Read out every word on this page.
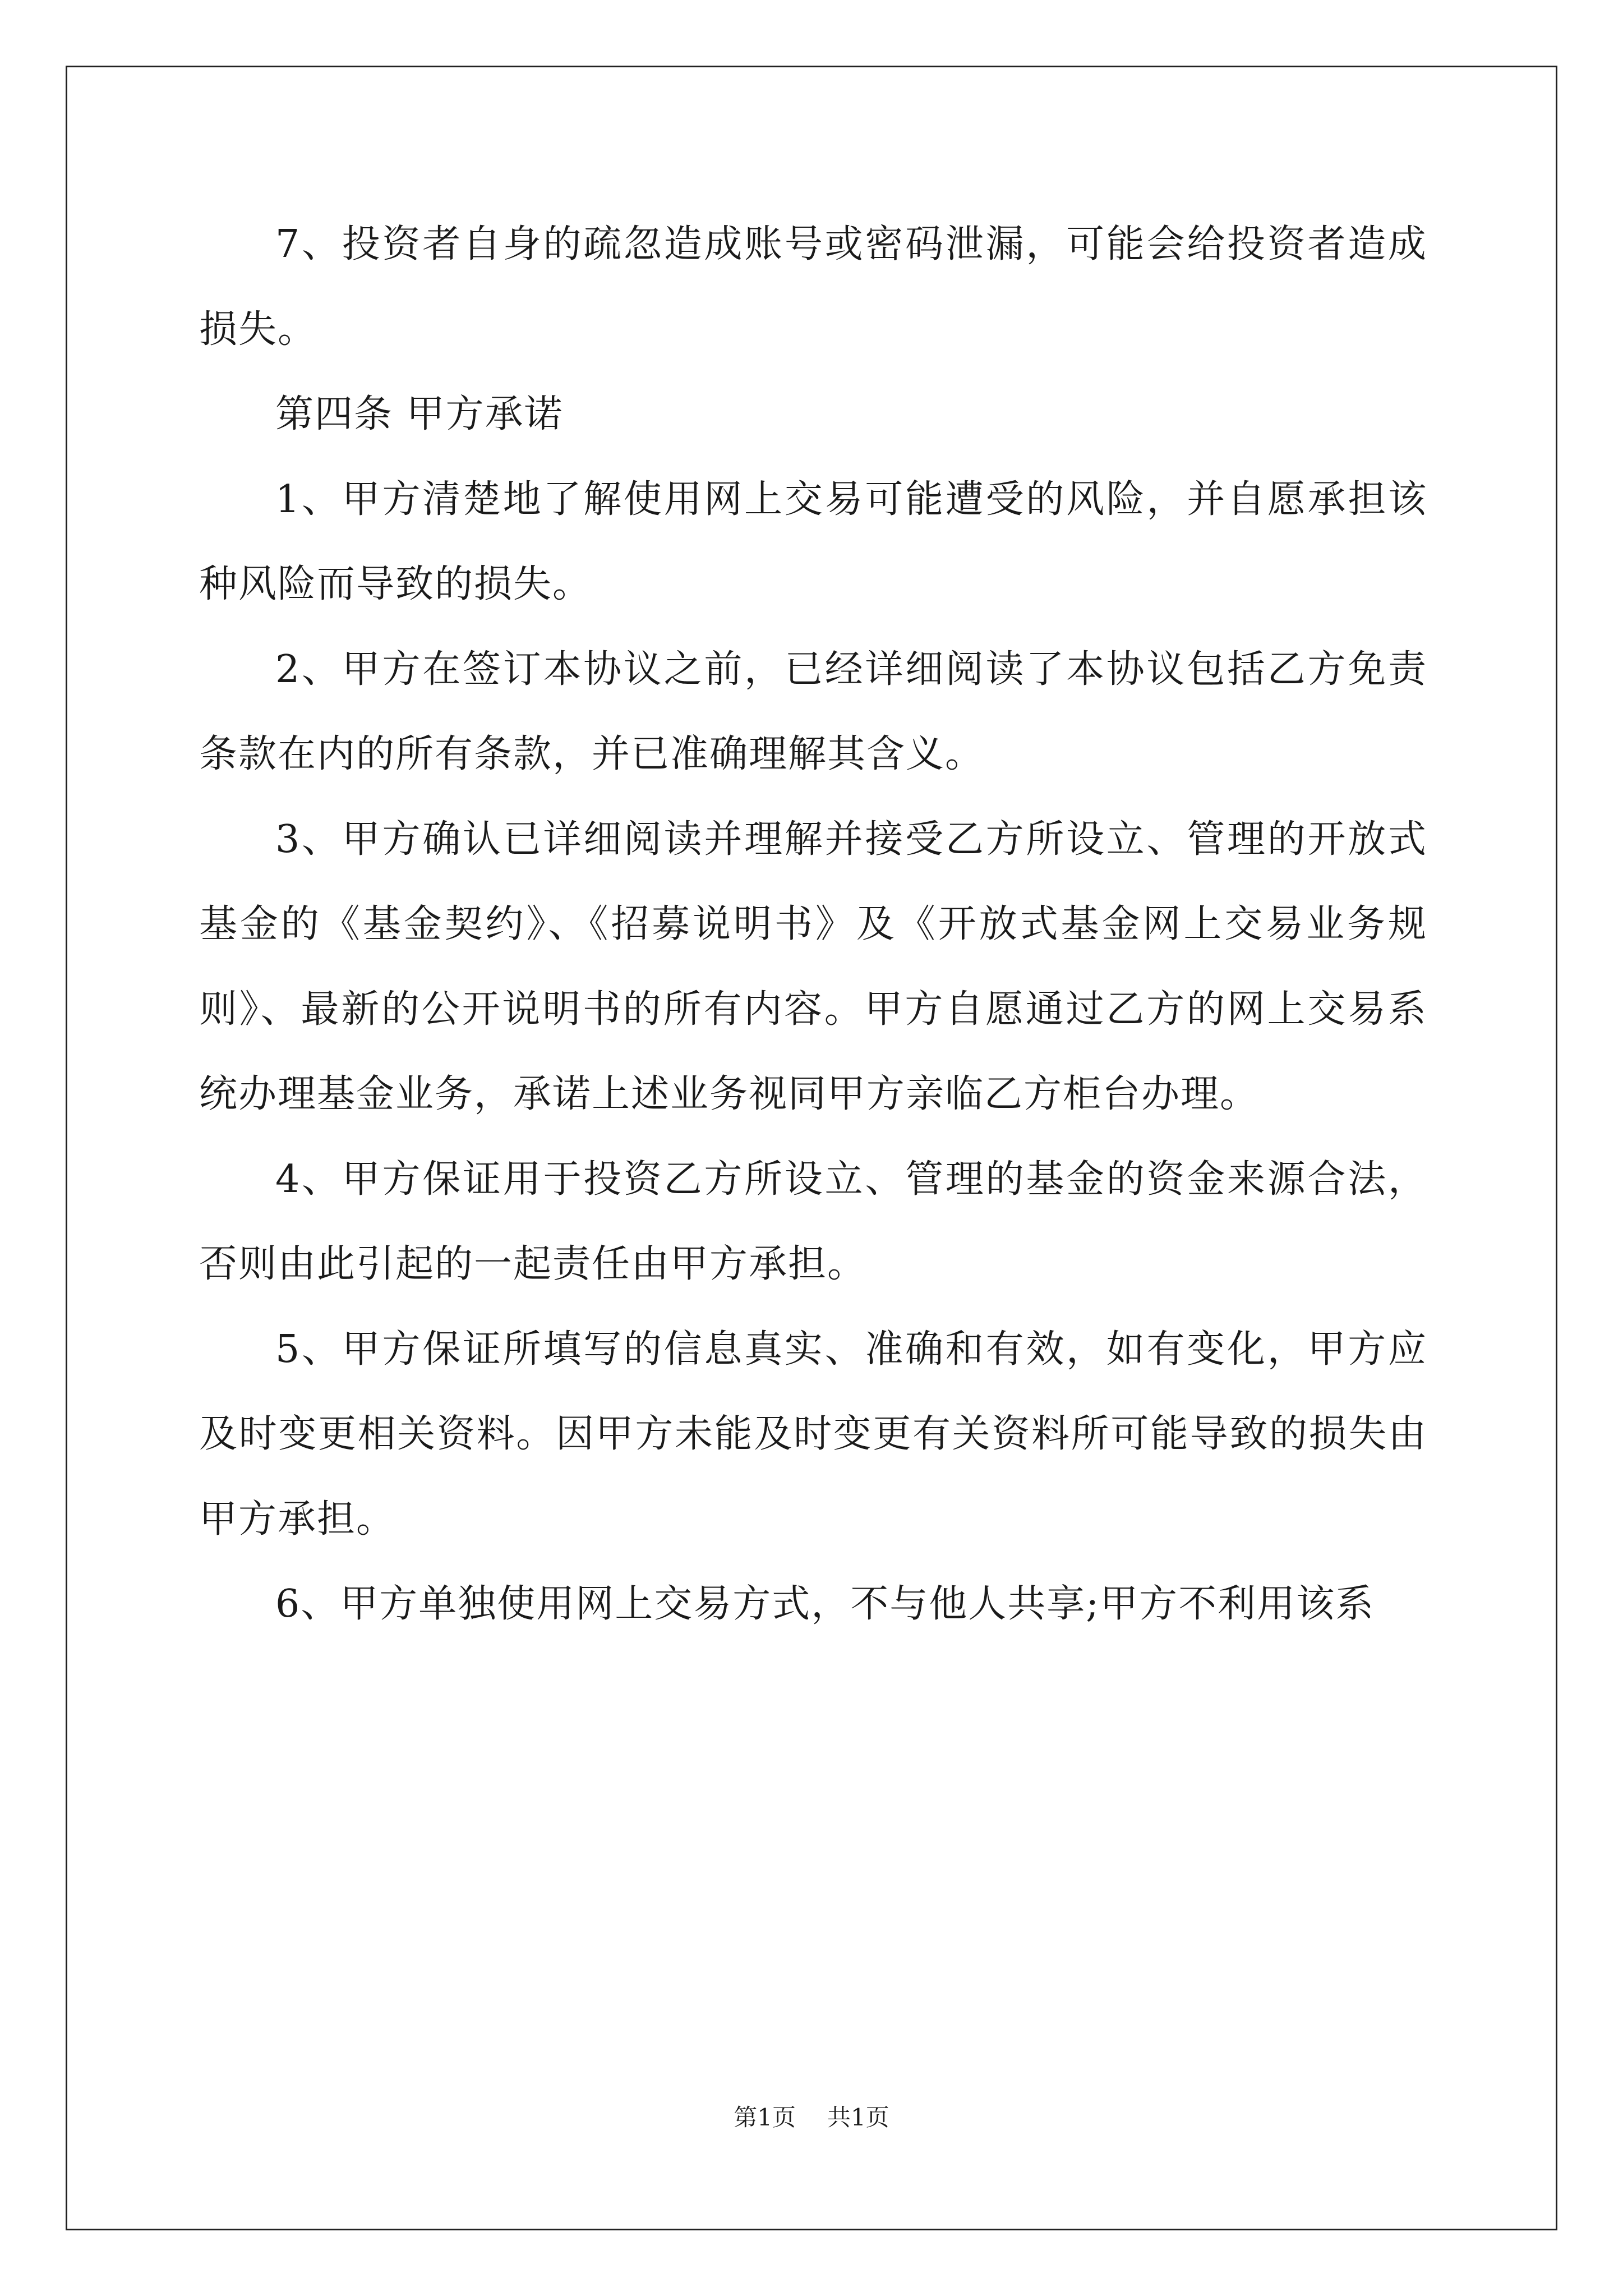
7、投资者自身的疏忽造成账号或密码泄漏，可能会给投资者造成损失。

第四条 甲方承诺

1、甲方清楚地了解使用网上交易可能遭受的风险，并自愿承担该种风险而导致的损失。

2、甲方在签订本协议之前，已经详细阅读了本协议包括乙方免责条款在内的所有条款，并已准确理解其含义。

3、甲方确认已详细阅读并理解并接受乙方所设立、管理的开放式基金的《基金契约》、《招募说明书》及《开放式基金网上交易业务规则》、最新的公开说明书的所有内容。甲方自愿通过乙方的网上交易系统办理基金业务，承诺上述业务视同甲方亲临乙方柜台办理。

4、甲方保证用于投资乙方所设立、管理的基金的资金来源合法，否则由此引起的一起责任由甲方承担。

5、甲方保证所填写的信息真实、准确和有效，如有变化，甲方应及时变更相关资料。因甲方未能及时变更有关资料所可能导致的损失由甲方承担。

6、甲方单独使用网上交易方式，不与他人共享;甲方不利用该系

第1页 共1页
